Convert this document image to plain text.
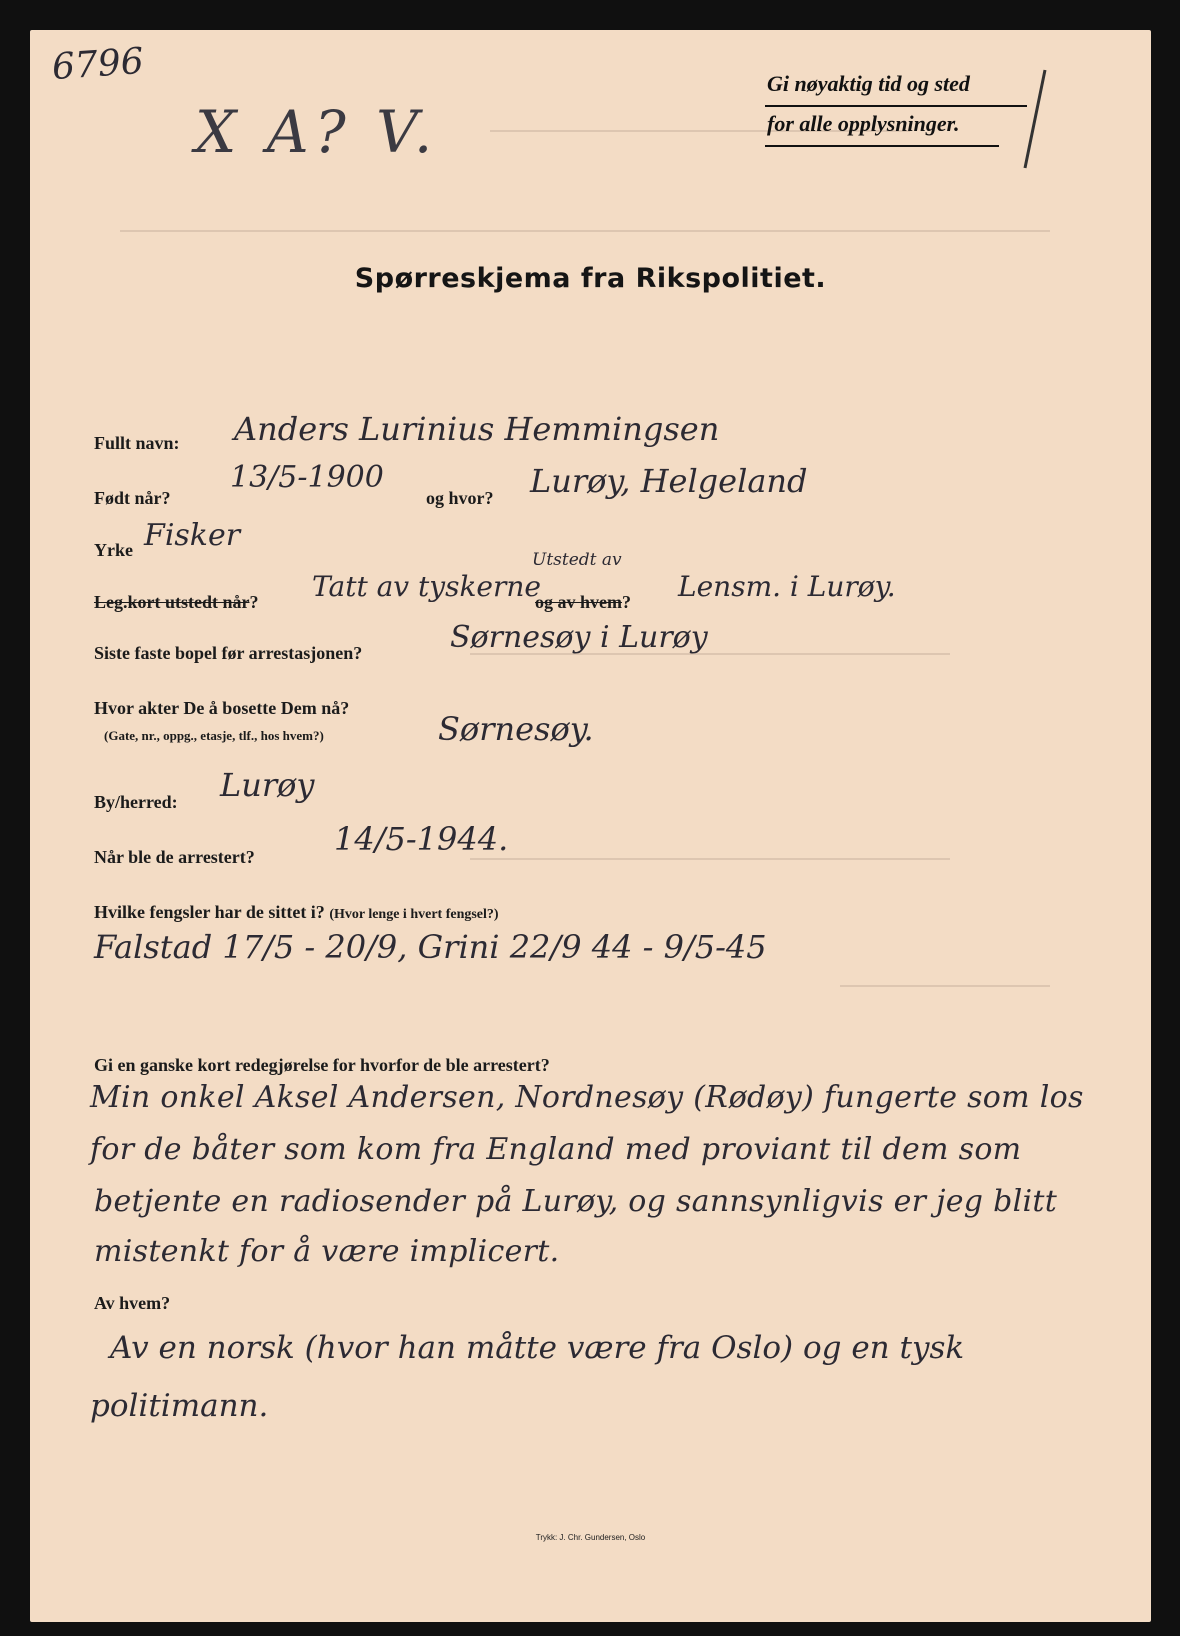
6796
X A? V.
Gi nøyaktig tid og sted
for alle opplysninger.
Spørreskjema fra Rikspolitiet.
Fullt navn: Anders Lurinius Hemmingsen
Født når?
13/5-1900
og hvor? Lurøy, Helgeland
Yrke Fisker
Leg.kort utstedt når? Tatt av tyskerne
Utstedt av
og av hvem? Lensm. i Lurøy.
Siste faste bopel før arrestasjonen?	Sørnesøy i Lurøy
Hvor akter De å bosette Dem nå?
(Gate, nr., oppg., etasje, tlf., hos hvem?)	Sørnesøy.
By/herred: Lurøy
Når ble de arrestert? 14/5-1944.
Hvilke fengsler har de sittet i? (Hvor lenge i hvert fengsel?)
Falstad 17/5 - 20/9, Grini 22/9 44 - 9/5-45
Gi en ganske kort redegjørelse for hvorfor de ble arrestert?
Min onkel Aksel Andersen, Nordnesøy (Rødøy) fungerte som los
for de båter som kom fra England med proviant til dem som
betjente en radiosender på Lurøy, og sannsynligvis er jeg blitt
mistenkt for å være implicert.
Av hvem?
Av en norsk (hvor han måtte være fra Oslo) og en tysk
politimann.
Trykk: J. Chr. Gundersen, Oslo
